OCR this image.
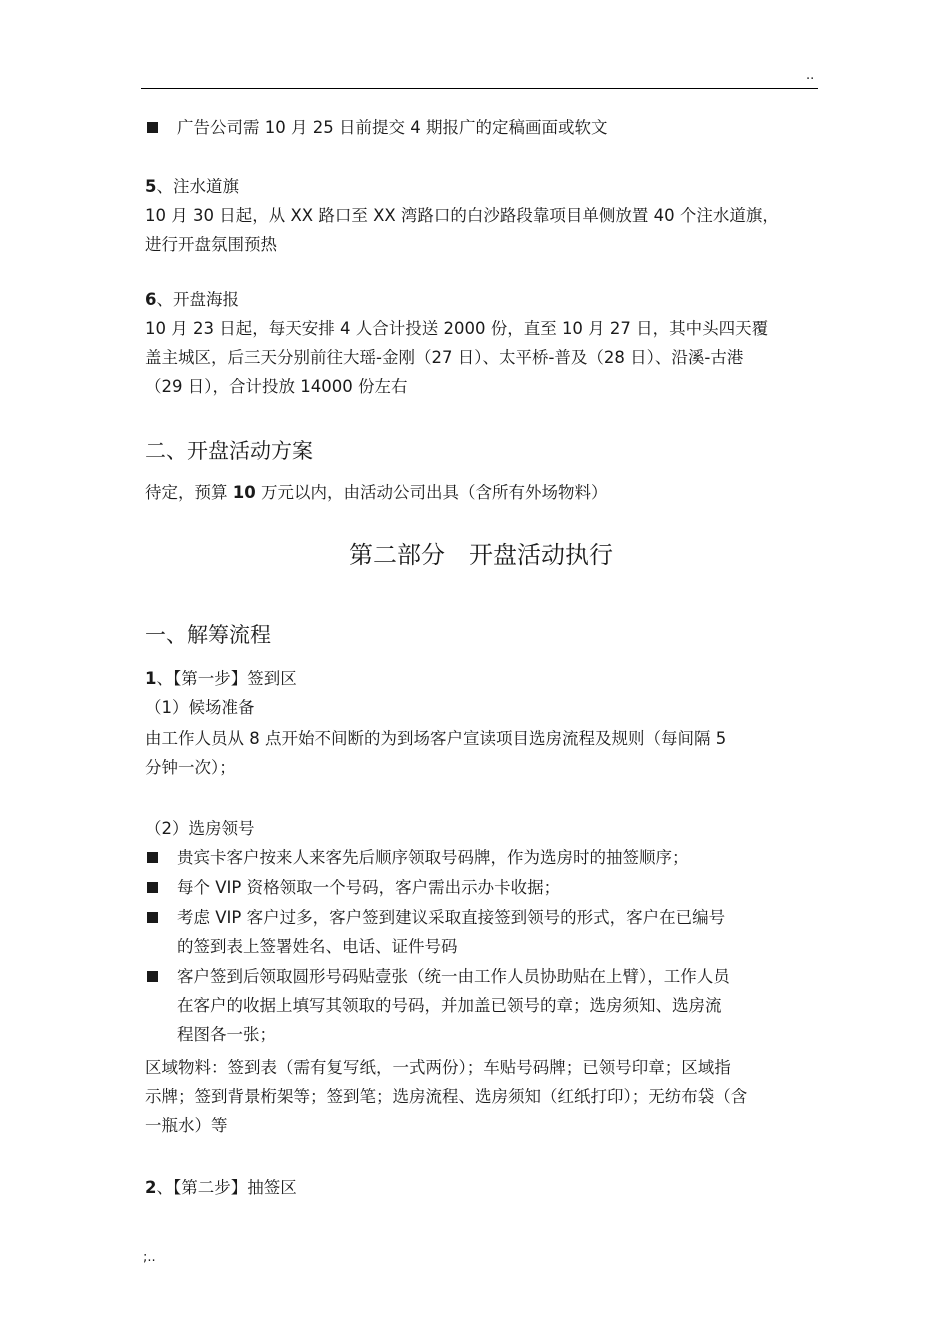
..
广告公司需 10 月 25 日前提交 4 期报广的定稿画面或软文
5、注水道旗
10 月 30 日起，从 XX 路口至 XX 湾路口的白沙路段靠项目单侧放置 40 个注水道旗，
进行开盘氛围预热
6、开盘海报
10 月 23 日起，每天安排 4 人合计投送 2000 份，直至 10 月 27 日，其中头四天覆
盖主城区，后三天分别前往大瑶-金刚（27 日）、太平桥-普及（28 日）、沿溪-古港
（29 日），合计投放 14000 份左右
二、开盘活动方案
待定，预算 10 万元以内，由活动公司出具（含所有外场物料）
第二部分　开盘活动执行
一、解筹流程
1、【第一步】签到区
（1）候场准备
由工作人员从 8 点开始不间断的为到场客户宣读项目选房流程及规则（每间隔 5
分钟一次）；
（2）选房领号
贵宾卡客户按来人来客先后顺序领取号码牌，作为选房时的抽签顺序；
每个 VIP 资格领取一个号码，客户需出示办卡收据；
考虑 VIP 客户过多，客户签到建议采取直接签到领号的形式，客户在已编号
的签到表上签署姓名、电话、证件号码
客户签到后领取圆形号码贴壹张（统一由工作人员协助贴在上臂），工作人员
在客户的收据上填写其领取的号码，并加盖已领号的章；选房须知、选房流
程图各一张；
区域物料：签到表（需有复写纸，一式两份）；车贴号码牌；已领号印章；区域指
示牌；签到背景桁架等；签到笔；选房流程、选房须知（红纸打印）；无纺布袋（含
一瓶水）等
2、【第二步】抽签区
;..
